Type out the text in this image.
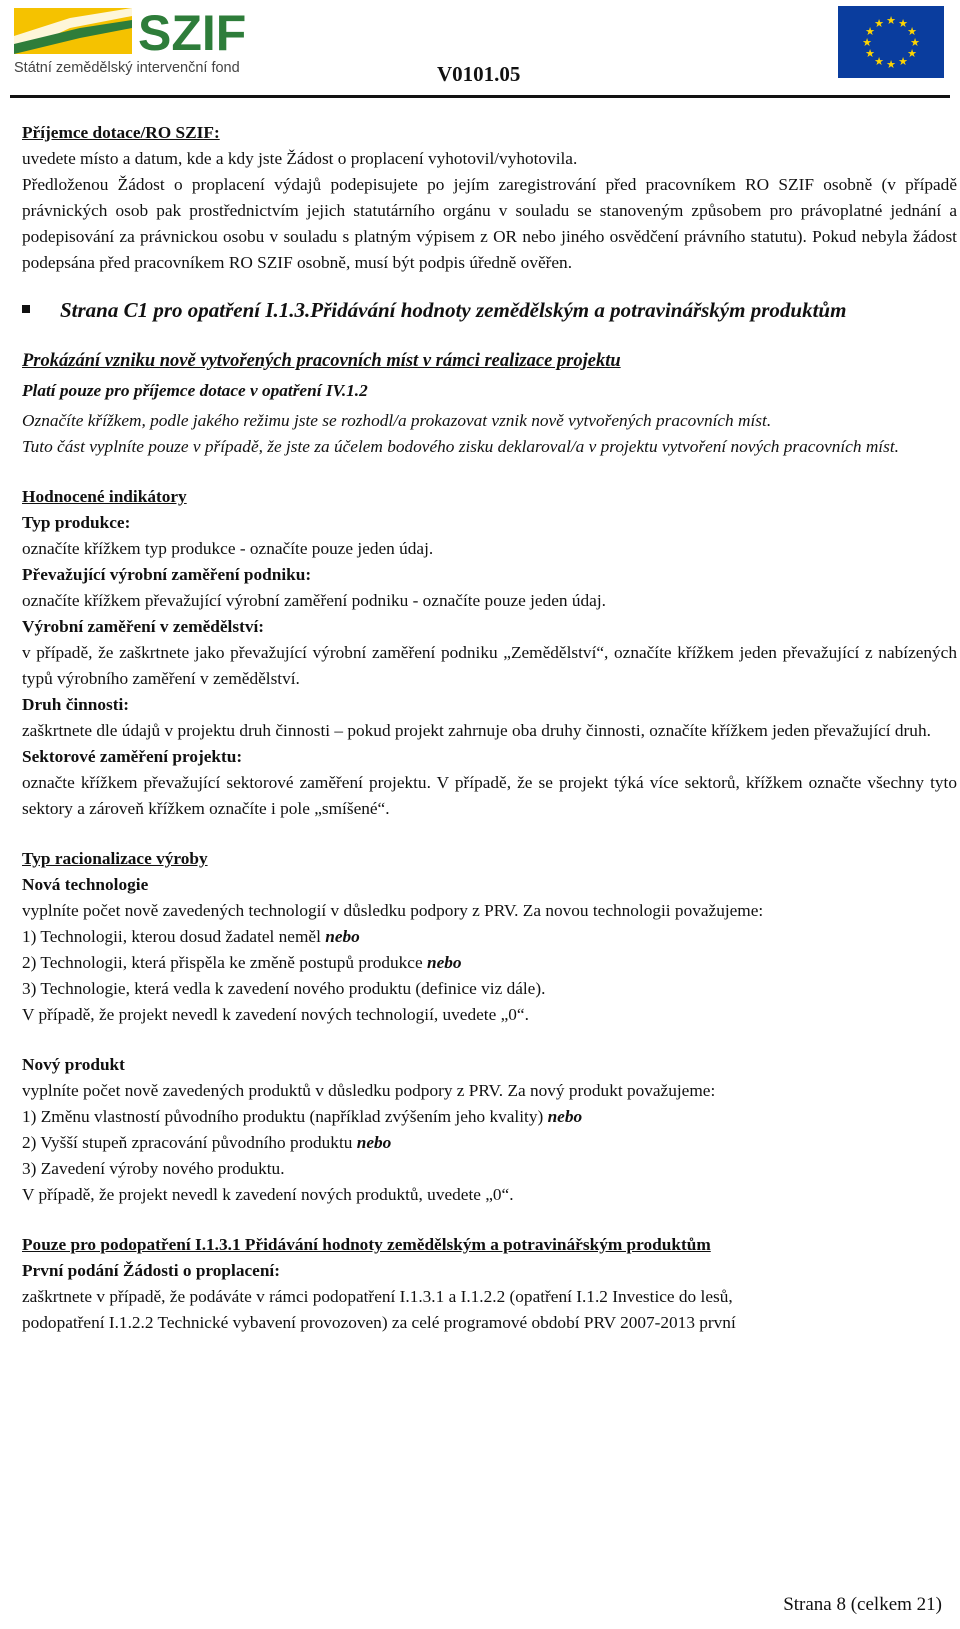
SZIF
Státní zemědělský intervenční fond	V0101.05
★ ★
★
★
★
★
★
★
★
★
★
★

Příjemce dotace/RO SZIF:

uvedete místo a datum, kde a kdy jste Žádost o proplacení vyhotovil/vyhotovila.

Předloženou Žádost o proplacení výdajů podepisujete po jejím zaregistrování před pracovníkem RO SZIF osobně (v případě právnických osob pak prostřednictvím jejich statutárního orgánu v souladu se stanoveným způsobem pro právoplatné jednání a podepisování za právnickou osobu v souladu s platným výpisem z OR nebo jiného osvědčení právního statutu). Pokud nebyla žádost podepsána před pracovníkem RO SZIF osobně, musí být podpis úředně ověřen.

Strana C1 pro opatření I.1.3.Přidávání hodnoty zemědělským a potravinářským produktům

Prokázání vzniku nově vytvořených pracovních míst v rámci realizace projektu

Platí pouze pro příjemce dotace v opatření IV.1.2

Označíte křížkem, podle jakého režimu jste se rozhodl/a prokazovat vznik nově vytvořených pracovních míst.

Tuto část vyplníte pouze v případě, že jste za účelem bodového zisku deklaroval/a v projektu vytvoření nových pracovních míst.

Hodnocené indikátory

Typ produkce:

označíte křížkem typ produkce - označíte pouze jeden údaj.

Převažující výrobní zaměření podniku:

označíte křížkem převažující výrobní zaměření podniku - označíte pouze jeden údaj.

Výrobní zaměření v zemědělství:

v případě, že zaškrtnete jako převažující výrobní zaměření podniku „Zemědělství“, označíte křížkem jeden převažující z nabízených typů výrobního zaměření v zemědělství.

Druh činnosti:

zaškrtnete dle údajů v projektu druh činnosti – pokud projekt zahrnuje oba druhy činnosti, označíte křížkem jeden převažující druh.

Sektorové zaměření projektu:

označte křížkem převažující sektorové zaměření projektu. V případě, že se projekt týká více sektorů, křížkem označte všechny tyto sektory a zároveň křížkem označíte i pole „smíšené“.

Typ racionalizace výroby

Nová technologie

vyplníte počet nově zavedených technologií v důsledku podpory z PRV. Za novou technologii považujeme:

1) Technologii, kterou dosud žadatel neměl nebo

2) Technologii, která přispěla ke změně postupů produkce nebo

3) Technologie, která vedla k zavedení nového produktu (definice viz dále).

V případě, že projekt nevedl k zavedení nových technologií, uvedete „0“.

Nový produkt

vyplníte počet nově zavedených produktů v důsledku podpory z PRV. Za nový produkt považujeme:

1) Změnu vlastností původního produktu (například zvýšením jeho kvality) nebo

2) Vyšší stupeň zpracování původního produktu nebo

3) Zavedení výroby nového produktu.

V případě, že projekt nevedl k zavedení nových produktů, uvedete „0“.

Pouze pro podopatření I.1.3.1 Přidávání hodnoty zemědělským a potravinářským produktům

První podání Žádosti o proplacení:

zaškrtnete v případě, že podáváte v rámci podopatření I.1.3.1 a I.1.2.2 (opatření I.1.2 Investice do lesů,

podopatření I.1.2.2 Technické vybavení provozoven) za celé programové období PRV 2007-2013 první

Strana 8 (celkem 21)
